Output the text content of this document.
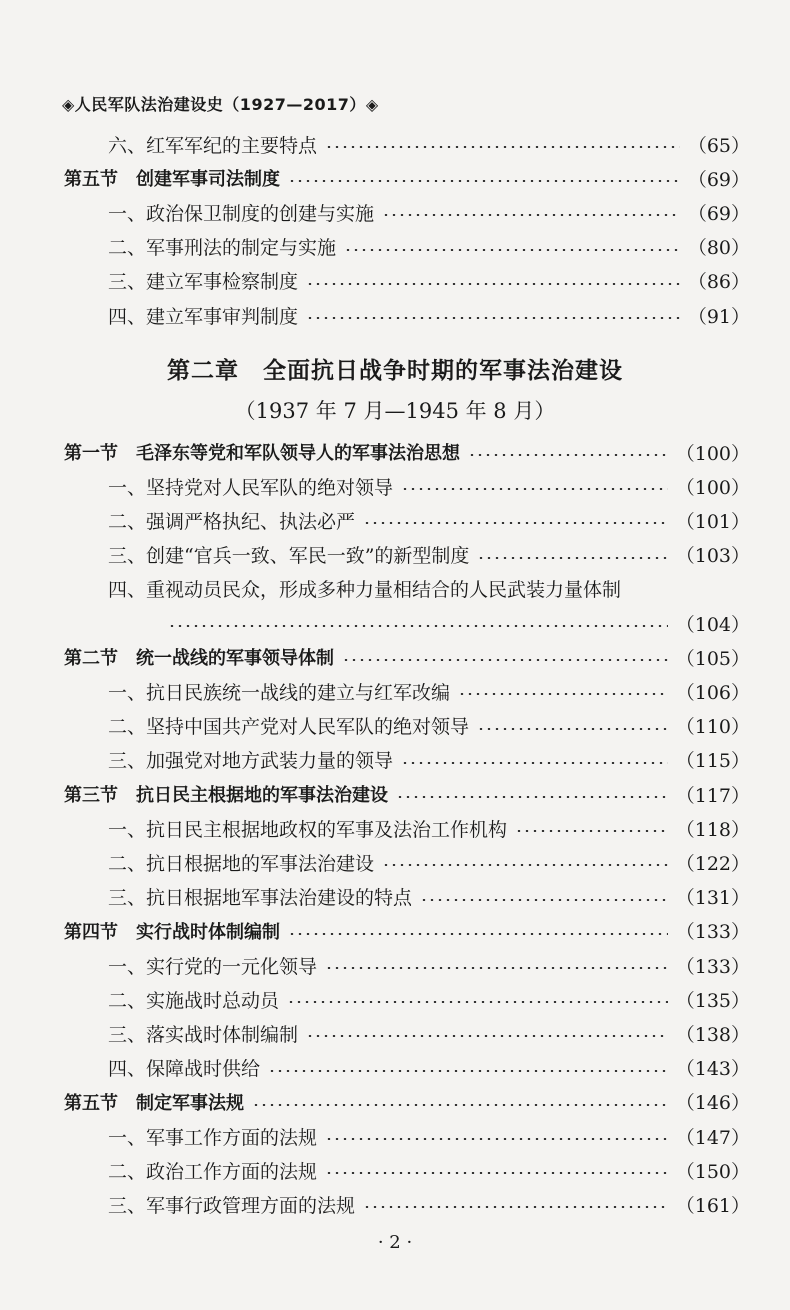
◈人民军队法治建设史（1927—2017）◈
六、红军军纪的主要特点	（65）
第五节　创建军事司法制度	（69）
一、政治保卫制度的创建与实施	（69）
二、军事刑法的制定与实施	（80）
三、建立军事检察制度	（86）
四、建立军事审判制度	（91）
第一节　毛泽东等党和军队领导人的军事法治思想	（100）
一、坚持党对人民军队的绝对领导	（100）
二、强调严格执纪、执法必严	（101）
三、创建“官兵一致、军民一致”的新型制度	（103）
四、重视动员民众，形成多种力量相结合的人民武装力量体制
（104）
第二节　统一战线的军事领导体制	（105）
一、抗日民族统一战线的建立与红军改编	（106）
二、坚持中国共产党对人民军队的绝对领导	（110）
三、加强党对地方武装力量的领导	（115）
第三节　抗日民主根据地的军事法治建设	（117）
一、抗日民主根据地政权的军事及法治工作机构	（118）
二、抗日根据地的军事法治建设	（122）
三、抗日根据地军事法治建设的特点	（131）
第四节　实行战时体制编制	（133）
一、实行党的一元化领导	（133）
二、实施战时总动员	（135）
三、落实战时体制编制	（138）
四、保障战时供给	（143）
第五节　制定军事法规	（146）
一、军事工作方面的法规	（147）
二、政治工作方面的法规	（150）
三、军事行政管理方面的法规	（161）
第二章　全面抗日战争时期的军事法治建设
（1937 年 7 月—1945 年 8 月）
· 2 ·
